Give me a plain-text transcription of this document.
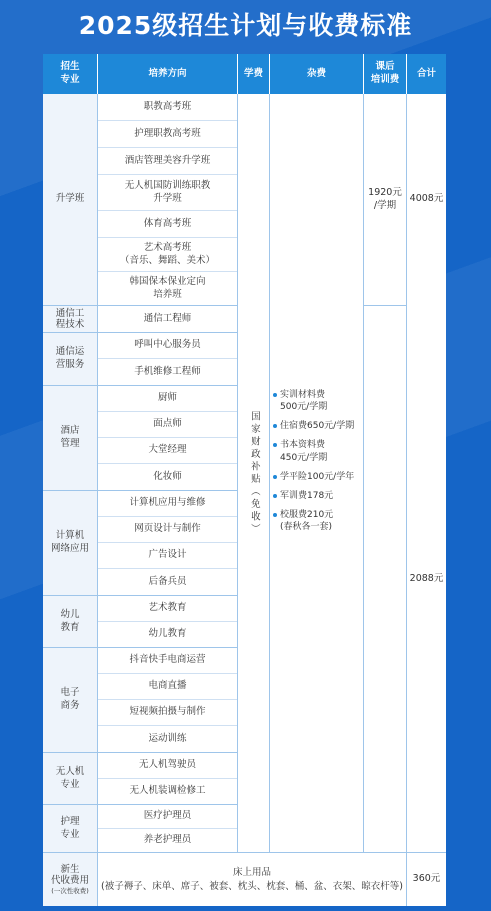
2025级招生计划与收费标准
招生
专业
培养方向	学费	杂费
课后
培训费
合计
升学班
通信工
程技术
通信运
营服务
酒店
管理
计算机
网络应用
幼儿
教育
电子
商务
无人机
专业
护理
专业
职教高考班
护理职教高考班
酒店管理美容升学班
无人机国防训练职教
升学班
体育高考班
艺术高考班
（音乐、舞蹈、美术）
韩国保本保业定向
培养班
通信工程师
呼叫中心服务员
手机维修工程师
厨师
面点师
大堂经理
化妆师
计算机应用与维修
网页设计与制作
广告设计
后备兵员
艺术教育
幼儿教育
抖音快手电商运营
电商直播
短视频拍摄与制作
运动训练
无人机驾驶员
无人机装调检修工
医疗护理员
养老护理员
国家财政补贴（免收）
实训材料费
500元/学期
住宿费650元/学期
书本资料费
450元/学期
学平险100元/学年
军训费178元
校服费210元
(春秋各一套)
1920元
/学期
4008元
2088元
新生
代收费用
(一次性收费)
床上用品
(被子褥子、床单、席子、被套、枕头、枕套、桶、盆、衣架、晾衣杆等)
360元
